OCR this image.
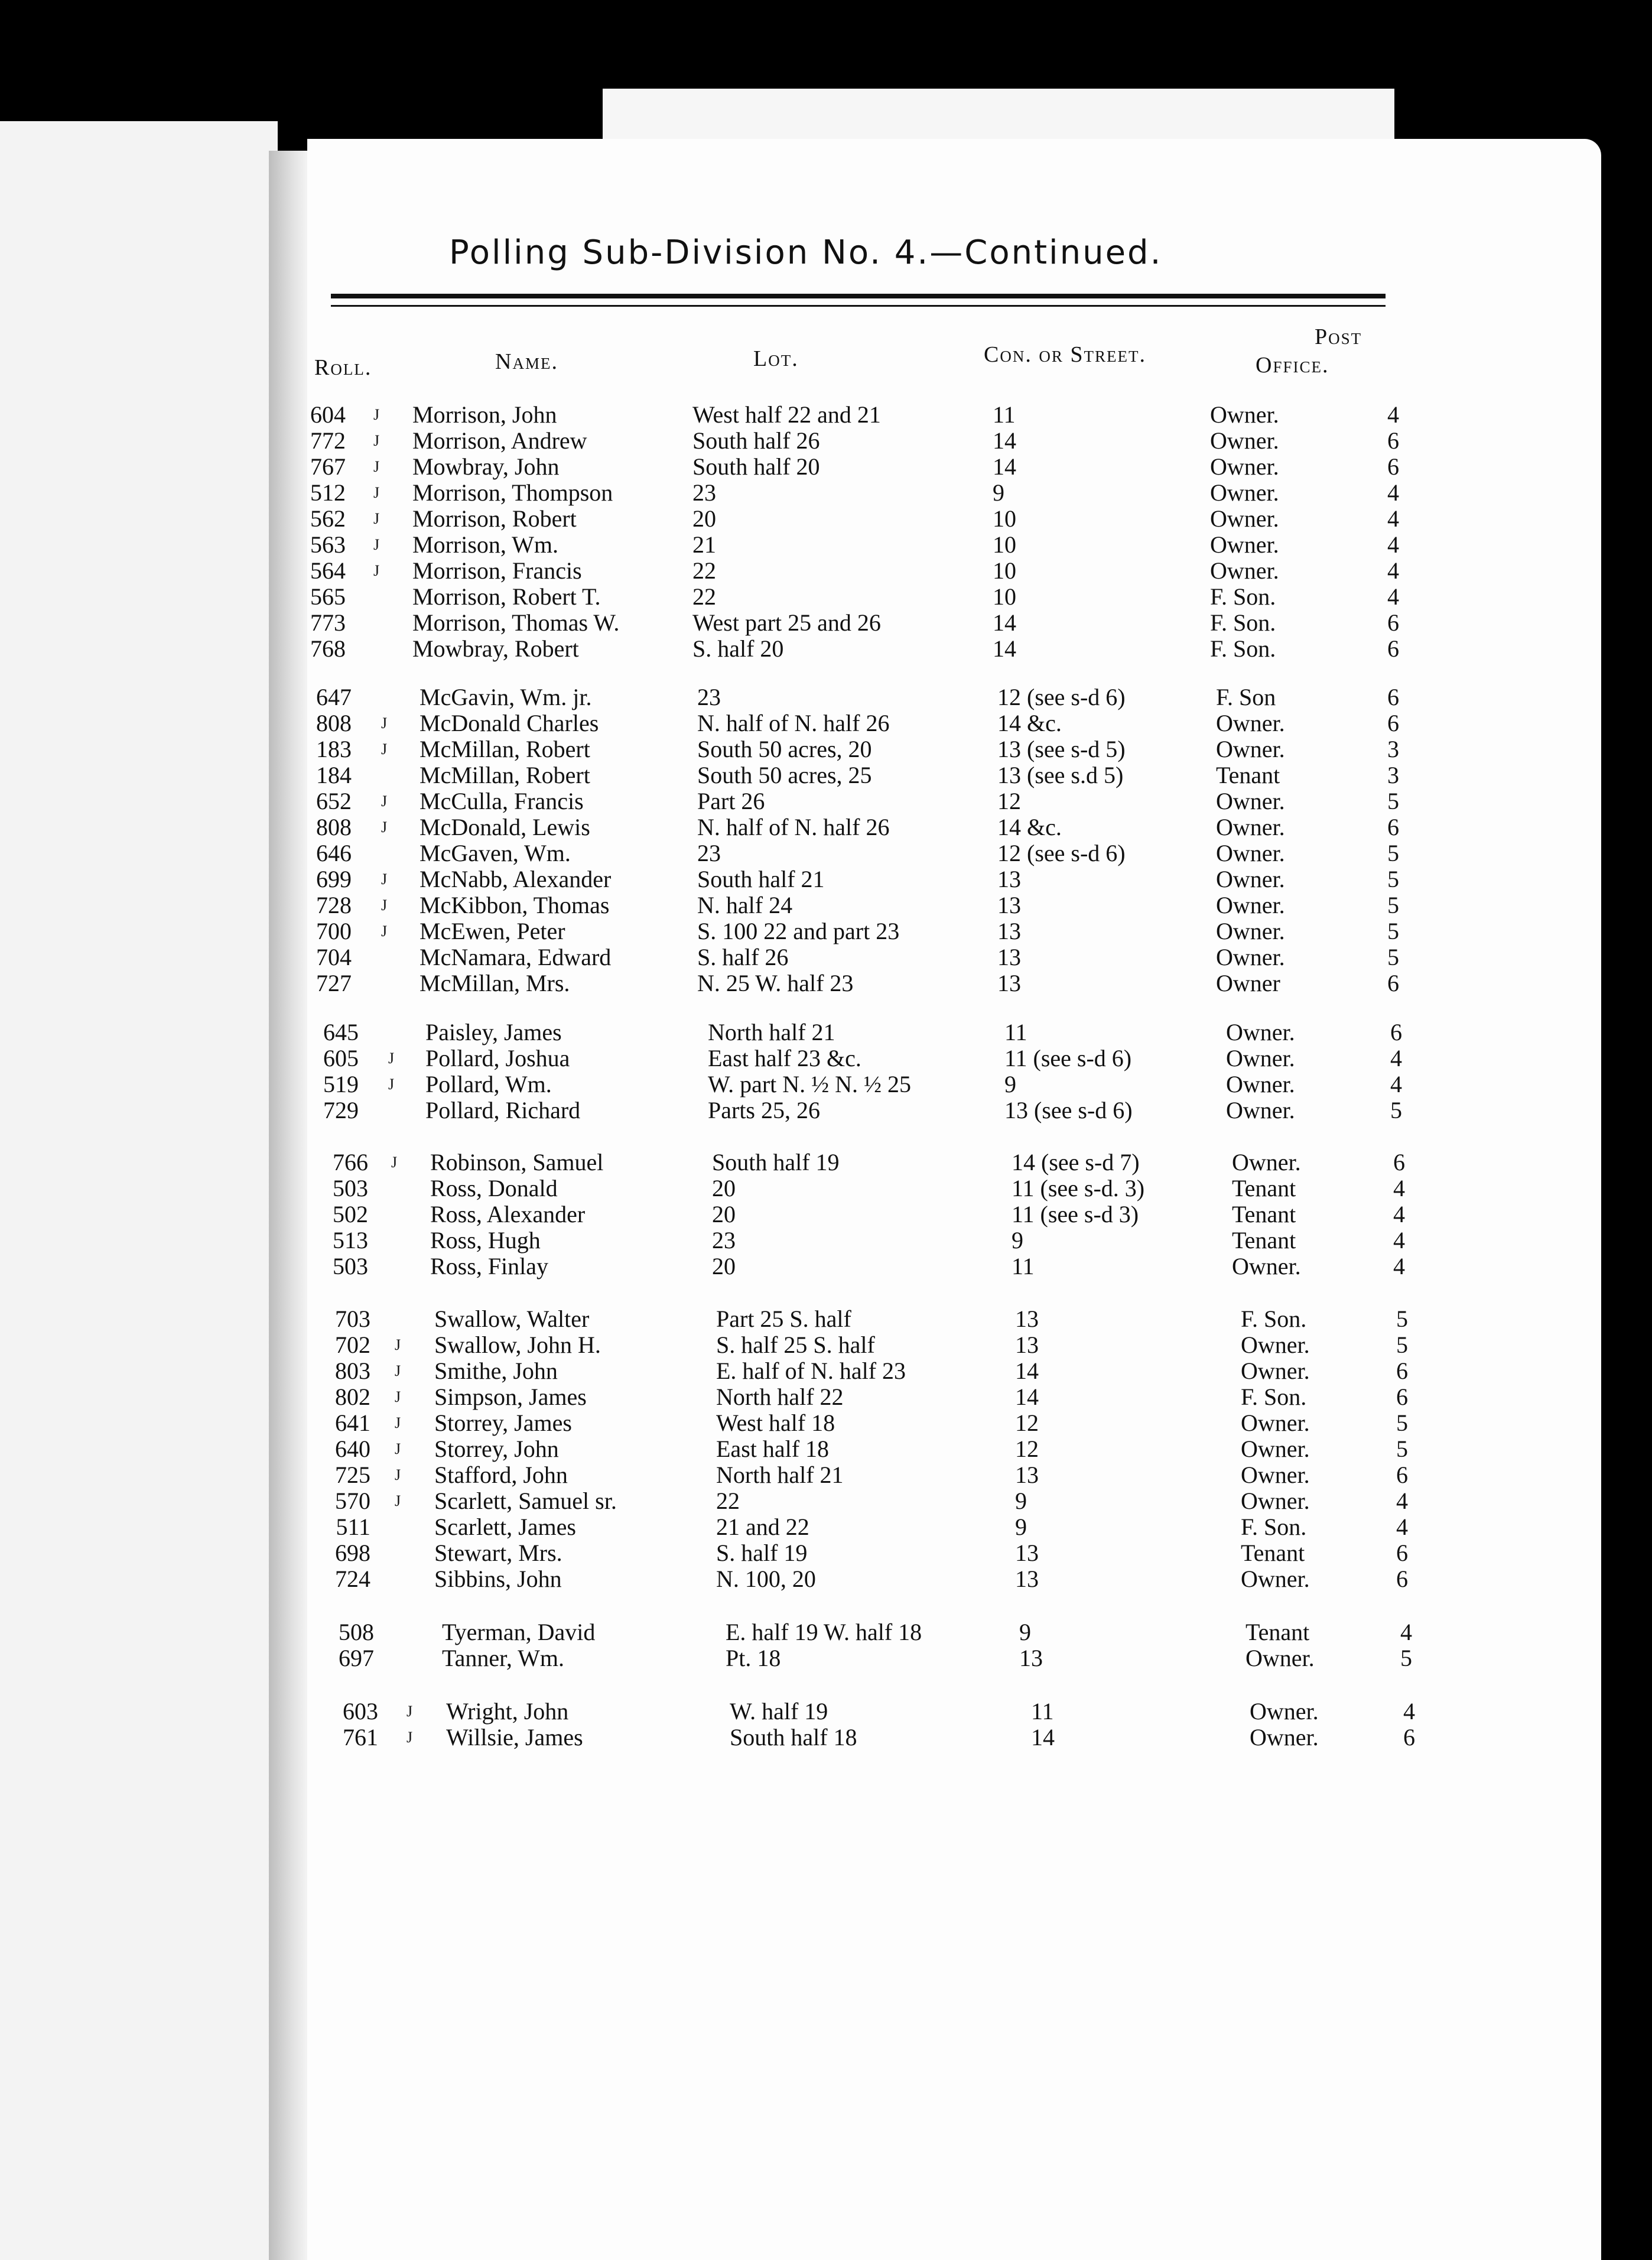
Polling Sub-Division No. 4.—Continued.
Roll.	Name.	Lot.	Con. or Street.
Post
Office.
604 J Morrison, John	West half 22 and 21	11	Owner.	4
772 J Morrison, Andrew	South half 26	14	Owner.	6
767 J Mowbray, John	South half 20	14	Owner.	6
512 J Morrison, Thompson	23	9	Owner.	4
562 J Morrison, Robert	20	10	Owner.	4
563 J Morrison, Wm.	21	10	Owner.	4
564 J Morrison, Francis	22	10	Owner.	4
565	Morrison, Robert T.	22	10	F. Son.	4
773	Morrison, Thomas W.	West part 25 and 26	14	F. Son.	6
768	Mowbray, Robert	S. half 20	14	F. Son.	6
647	McGavin, Wm. jr.	23	12 (see s-d 6)	F. Son	6
808 J McDonald Charles	N. half of N. half 26	14 &c.	Owner.	6
183 J McMillan, Robert	South 50 acres, 20	13 (see s-d 5)	Owner.	3
184	McMillan, Robert	South 50 acres, 25	13 (see s.d 5)	Tenant	3
652 J McCulla, Francis	Part 26	12	Owner.	5
808 J McDonald, Lewis	N. half of N. half 26	14 &c.	Owner.	6
646	McGaven, Wm.	23	12 (see s-d 6)	Owner.	5
699 J McNabb, Alexander	South half 21	13	Owner.	5
728 J McKibbon, Thomas	N. half 24	13	Owner.	5
700 J McEwen, Peter	S. 100 22 and part 23	13	Owner.	5
704	McNamara, Edward	S. half 26	13	Owner.	5
727	McMillan, Mrs.	N. 25 W. half 23	13	Owner	6
645	Paisley, James	North half 21	11	Owner.	6
605 J Pollard, Joshua	East half 23 &c.	11 (see s-d 6)	Owner.	4
519 J Pollard, Wm.	W. part N. ½ N. ½ 25	9	Owner.	4
729	Pollard, Richard	Parts 25, 26	13 (see s-d 6)	Owner.	5
766 J Robinson, Samuel	South half 19	14 (see s-d 7)	Owner.	6
503	Ross, Donald	20	11 (see s-d. 3)	Tenant	4
502	Ross, Alexander	20	11 (see s-d 3)	Tenant	4
513	Ross, Hugh	23	9	Tenant	4
503	Ross, Finlay	20	11	Owner.	4
703	Swallow, Walter	Part 25 S. half	13	F. Son.	5
702 J Swallow, John H.	S. half 25 S. half	13	Owner.	5
803 J Smithe, John	E. half of N. half 23	14	Owner.	6
802 J Simpson, James	North half 22	14	F. Son.	6
641 J Storrey, James	West half 18	12	Owner.	5
640 J Storrey, John	East half 18	12	Owner.	5
725 J Stafford, John	North half 21	13	Owner.	6
570 J Scarlett, Samuel sr.	22	9	Owner.	4
511	Scarlett, James	21 and 22	9	F. Son.	4
698	Stewart, Mrs.	S. half 19	13	Tenant	6
724	Sibbins, John	N. 100, 20	13	Owner.	6
508	Tyerman, David	E. half 19 W. half 18	9	Tenant	4
697	Tanner, Wm.	Pt. 18	13	Owner.	5
603 J Wright, John	W. half 19	11	Owner.	4
761 J Willsie, James	South half 18	14	Owner.	6
